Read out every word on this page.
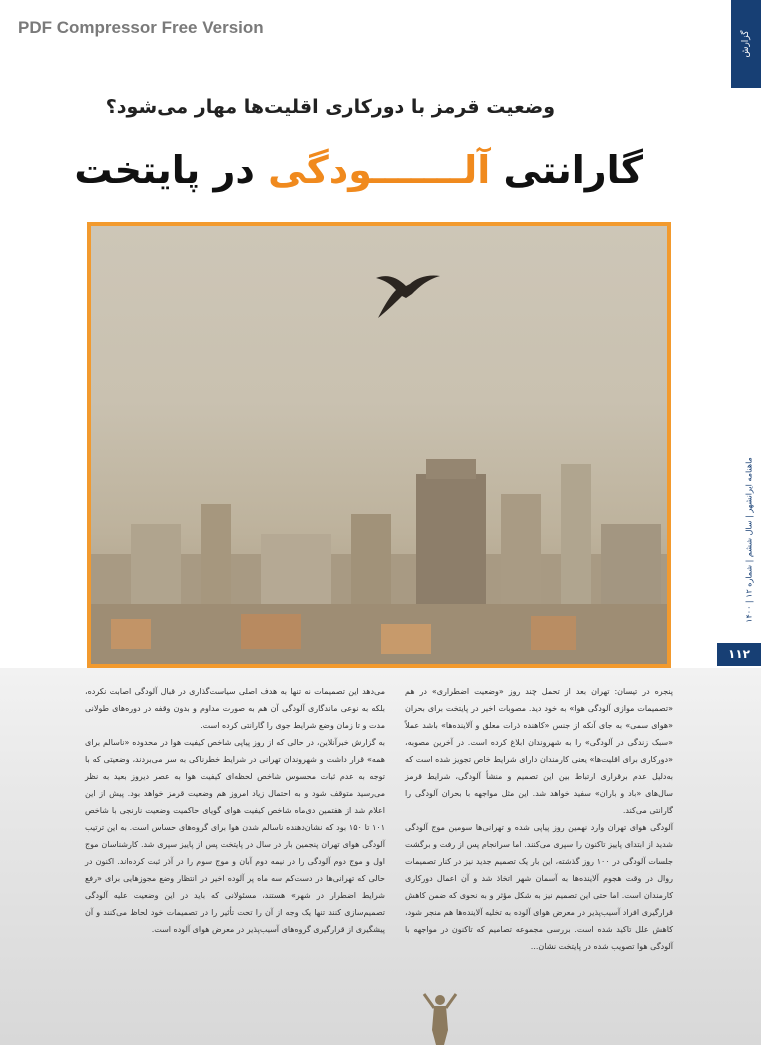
PDF Compressor Free Version
گزارش
ماهنامه ایرانشهر | سال ششم | شماره ۱۲ | ۱۴۰۰
۱۱۲
وضعیت قرمز با دورکاری اقلیت‌ها مهار می‌شود؟
گارانتی آلـــــــودگی در پایتخت

پنجره در تیسان: تهران بعد از تحمل چند روز «وضعیت اضطراری» در هم «تصمیمات موازی آلودگی هوا» به خود دید. مصوبات اخیر در پایتخت برای بحران «هوای سمی» به جای آنکه از جنس «کاهنده ذرات معلق و آلاینده‌ها» باشد عملاً «سبک زندگی در آلودگی» را به شهروندان ابلاغ کرده است. در آخرین مصوبه، «دورکاری برای اقلیت‌ها» یعنی کارمندان دارای شرایط خاص تجویز شده است که به‌دلیل عدم برقراری ارتباط بین این تصمیم و منشأ آلودگی، شرایط قرمز سال‌های «باد و باران» سفید خواهد شد. این مثل مواجهه با بحران آلودگی را گارانتی می‌کند.

آلودگی هوای تهران وارد نهمین روز پیاپی شده و تهرانی‌ها سومین موج آلودگی شدید از ابتدای پاییز تاکنون را سپری می‌کنند. اما سرانجام پس از رفت و برگشت جلسات آلودگی در ۱۰۰ روز گذشته، این بار یک تصمیم جدید نیز در کنار تصمیمات روال در وقت هجوم آلاینده‌ها به آسمان شهر اتخاذ شد و آن اعمال دورکاری کارمندان است. اما حتی این تصمیم نیز به شکل مؤثر و به نحوی که ضمن کاهش قرارگیری افراد آسیب‌پذیر در معرض هوای آلوده به تخلیه آلاینده‌ها هم منجر شود، کاهش علل تاکید شده است. بررسی مجموعه تصامیم که تاکنون در مواجهه با آلودگی هوا تصویب شده در پایتخت نشان...

می‌دهد این تصمیمات نه تنها به هدف اصلی سیاست‌گذاری در قبال آلودگی اصابت نکرده، بلکه به نوعی ماندگاری آلودگی آن هم به صورت مداوم و بدون وقفه در دوره‌های طولانی مدت و تا زمان وضع شرایط جوی را گارانتی کرده است.

به گزارش خبرآنلاین، در حالی که از روز پیاپی شاخص کیفیت هوا در محدوده «ناسالم برای همه» قرار داشت و شهروندان تهرانی در شرایط خطرناکی به سر می‌بردند، وضعیتی که با توجه به عدم ثبات محسوس شاخص لحظه‌ای کیفیت هوا به عصر دیروز بعید به نظر می‌رسید متوقف شود و به احتمال زیاد امروز هم وضعیت قرمز خواهد بود. پیش از این اعلام شد از هفتمین دی‌ماه شاخص کیفیت هوای گویای حاکمیت وضعیت نارنجی با شاخص ۱۰۱ تا ۱۵۰ بود که نشان‌دهنده ناسالم شدن هوا برای گروه‌های حساس است. به این ترتیب آلودگی هوای تهران پنجمین بار در سال در پایتخت پس از پاییز سپری شد. کارشناسان موج اول و موج دوم آلودگی را در نیمه دوم آبان و موج سوم را در آذر ثبت کرده‌اند. اکنون در حالی که تهرانی‌ها در دست‌کم سه ماه پر آلوده اخیر در انتظار وضع مجوزهایی برای «رفع شرایط اضطرار در شهر» هستند، مسئولانی که باید در این وضعیت علیه آلودگی تصمیم‌سازی کنند تنها یک وجه از آن را تحت تأثیر را در تصمیمات خود لحاظ می‌کنند و آن پیشگیری از قرارگیری گروه‌های آسیب‌پذیر در معرض هوای آلوده است.
